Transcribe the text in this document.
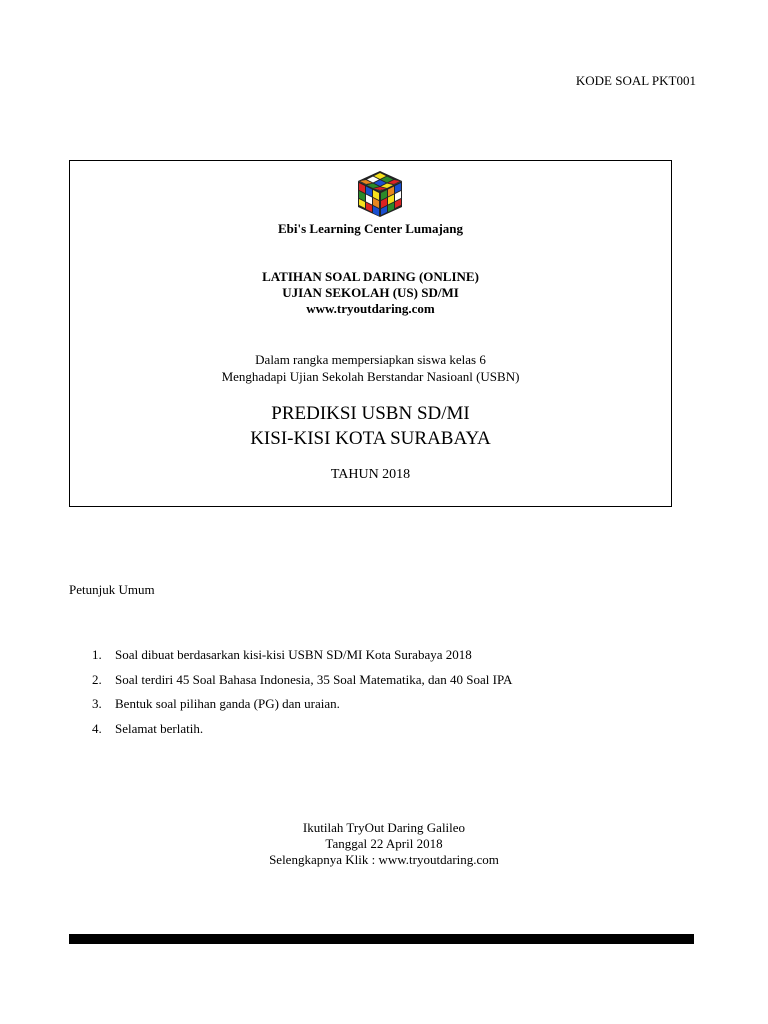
KODE SOAL PKT001
Ebi's Learning Center Lumajang
LATIHAN SOAL DARING (ONLINE)
UJIAN SEKOLAH (US) SD/MI
www.tryoutdaring.com
Dalam rangka mempersiapkan siswa kelas 6
Menghadapi Ujian Sekolah Berstandar Nasioanl (USBN)
PREDIKSI USBN SD/MI
KISI-KISI KOTA SURABAYA
TAHUN 2018
Petunjuk Umum
1.	Soal dibuat berdasarkan kisi-kisi USBN SD/MI Kota Surabaya 2018
2.	Soal terdiri 45 Soal Bahasa Indonesia, 35 Soal Matematika, dan 40 Soal IPA
3.	Bentuk soal pilihan ganda (PG) dan uraian.
4.	Selamat berlatih.
Ikutilah TryOut Daring Galileo
Tanggal 22 April 2018
Selengkapnya Klik : www.tryoutdaring.com
